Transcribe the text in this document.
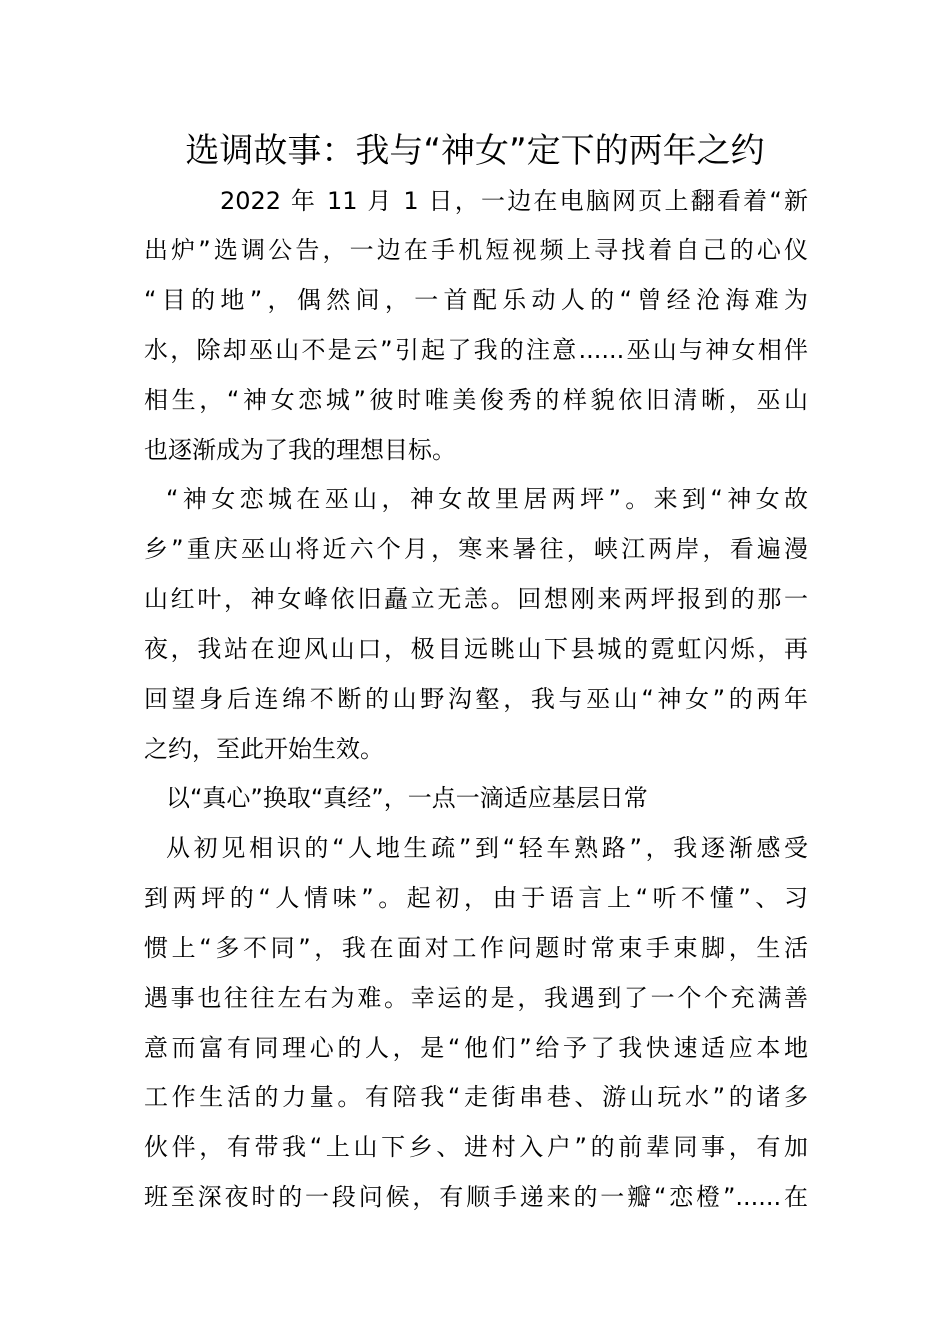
选调故事：我与“神女”定下的两年之约
2022 年 11 月 1 日，一边在电脑网页上翻看着“新
出炉”选调公告，一边在手机短视频上寻找着自己的心仪
“目的地”，偶然间，一首配乐动人的“曾经沧海难为
水，除却巫山不是云”引起了我的注意......巫山与神女相伴
相生，“神女恋城”彼时唯美俊秀的样貌依旧清晰，巫山
也逐渐成为了我的理想目标。
“神女恋城在巫山，神女故里居两坪”。来到“神女故
乡”重庆巫山将近六个月，寒来暑往，峡江两岸，看遍漫
山红叶，神女峰依旧矗立无恙。回想刚来两坪报到的那一
夜，我站在迎风山口，极目远眺山下县城的霓虹闪烁，再
回望身后连绵不断的山野沟壑，我与巫山“神女”的两年
之约，至此开始生效。
以“真心”换取“真经”，一点一滴适应基层日常
从初见相识的“人地生疏”到“轻车熟路”，我逐渐感受
到两坪的“人情味”。起初，由于语言上“听不懂”、习
惯上“多不同”，我在面对工作问题时常束手束脚，生活
遇事也往往左右为难。幸运的是，我遇到了一个个充满善
意而富有同理心的人，是“他们”给予了我快速适应本地
工作生活的力量。有陪我“走街串巷、游山玩水”的诸多
伙伴，有带我“上山下乡、进村入户”的前辈同事，有加
班至深夜时的一段问候，有顺手递来的一瓣“恋橙”......在
